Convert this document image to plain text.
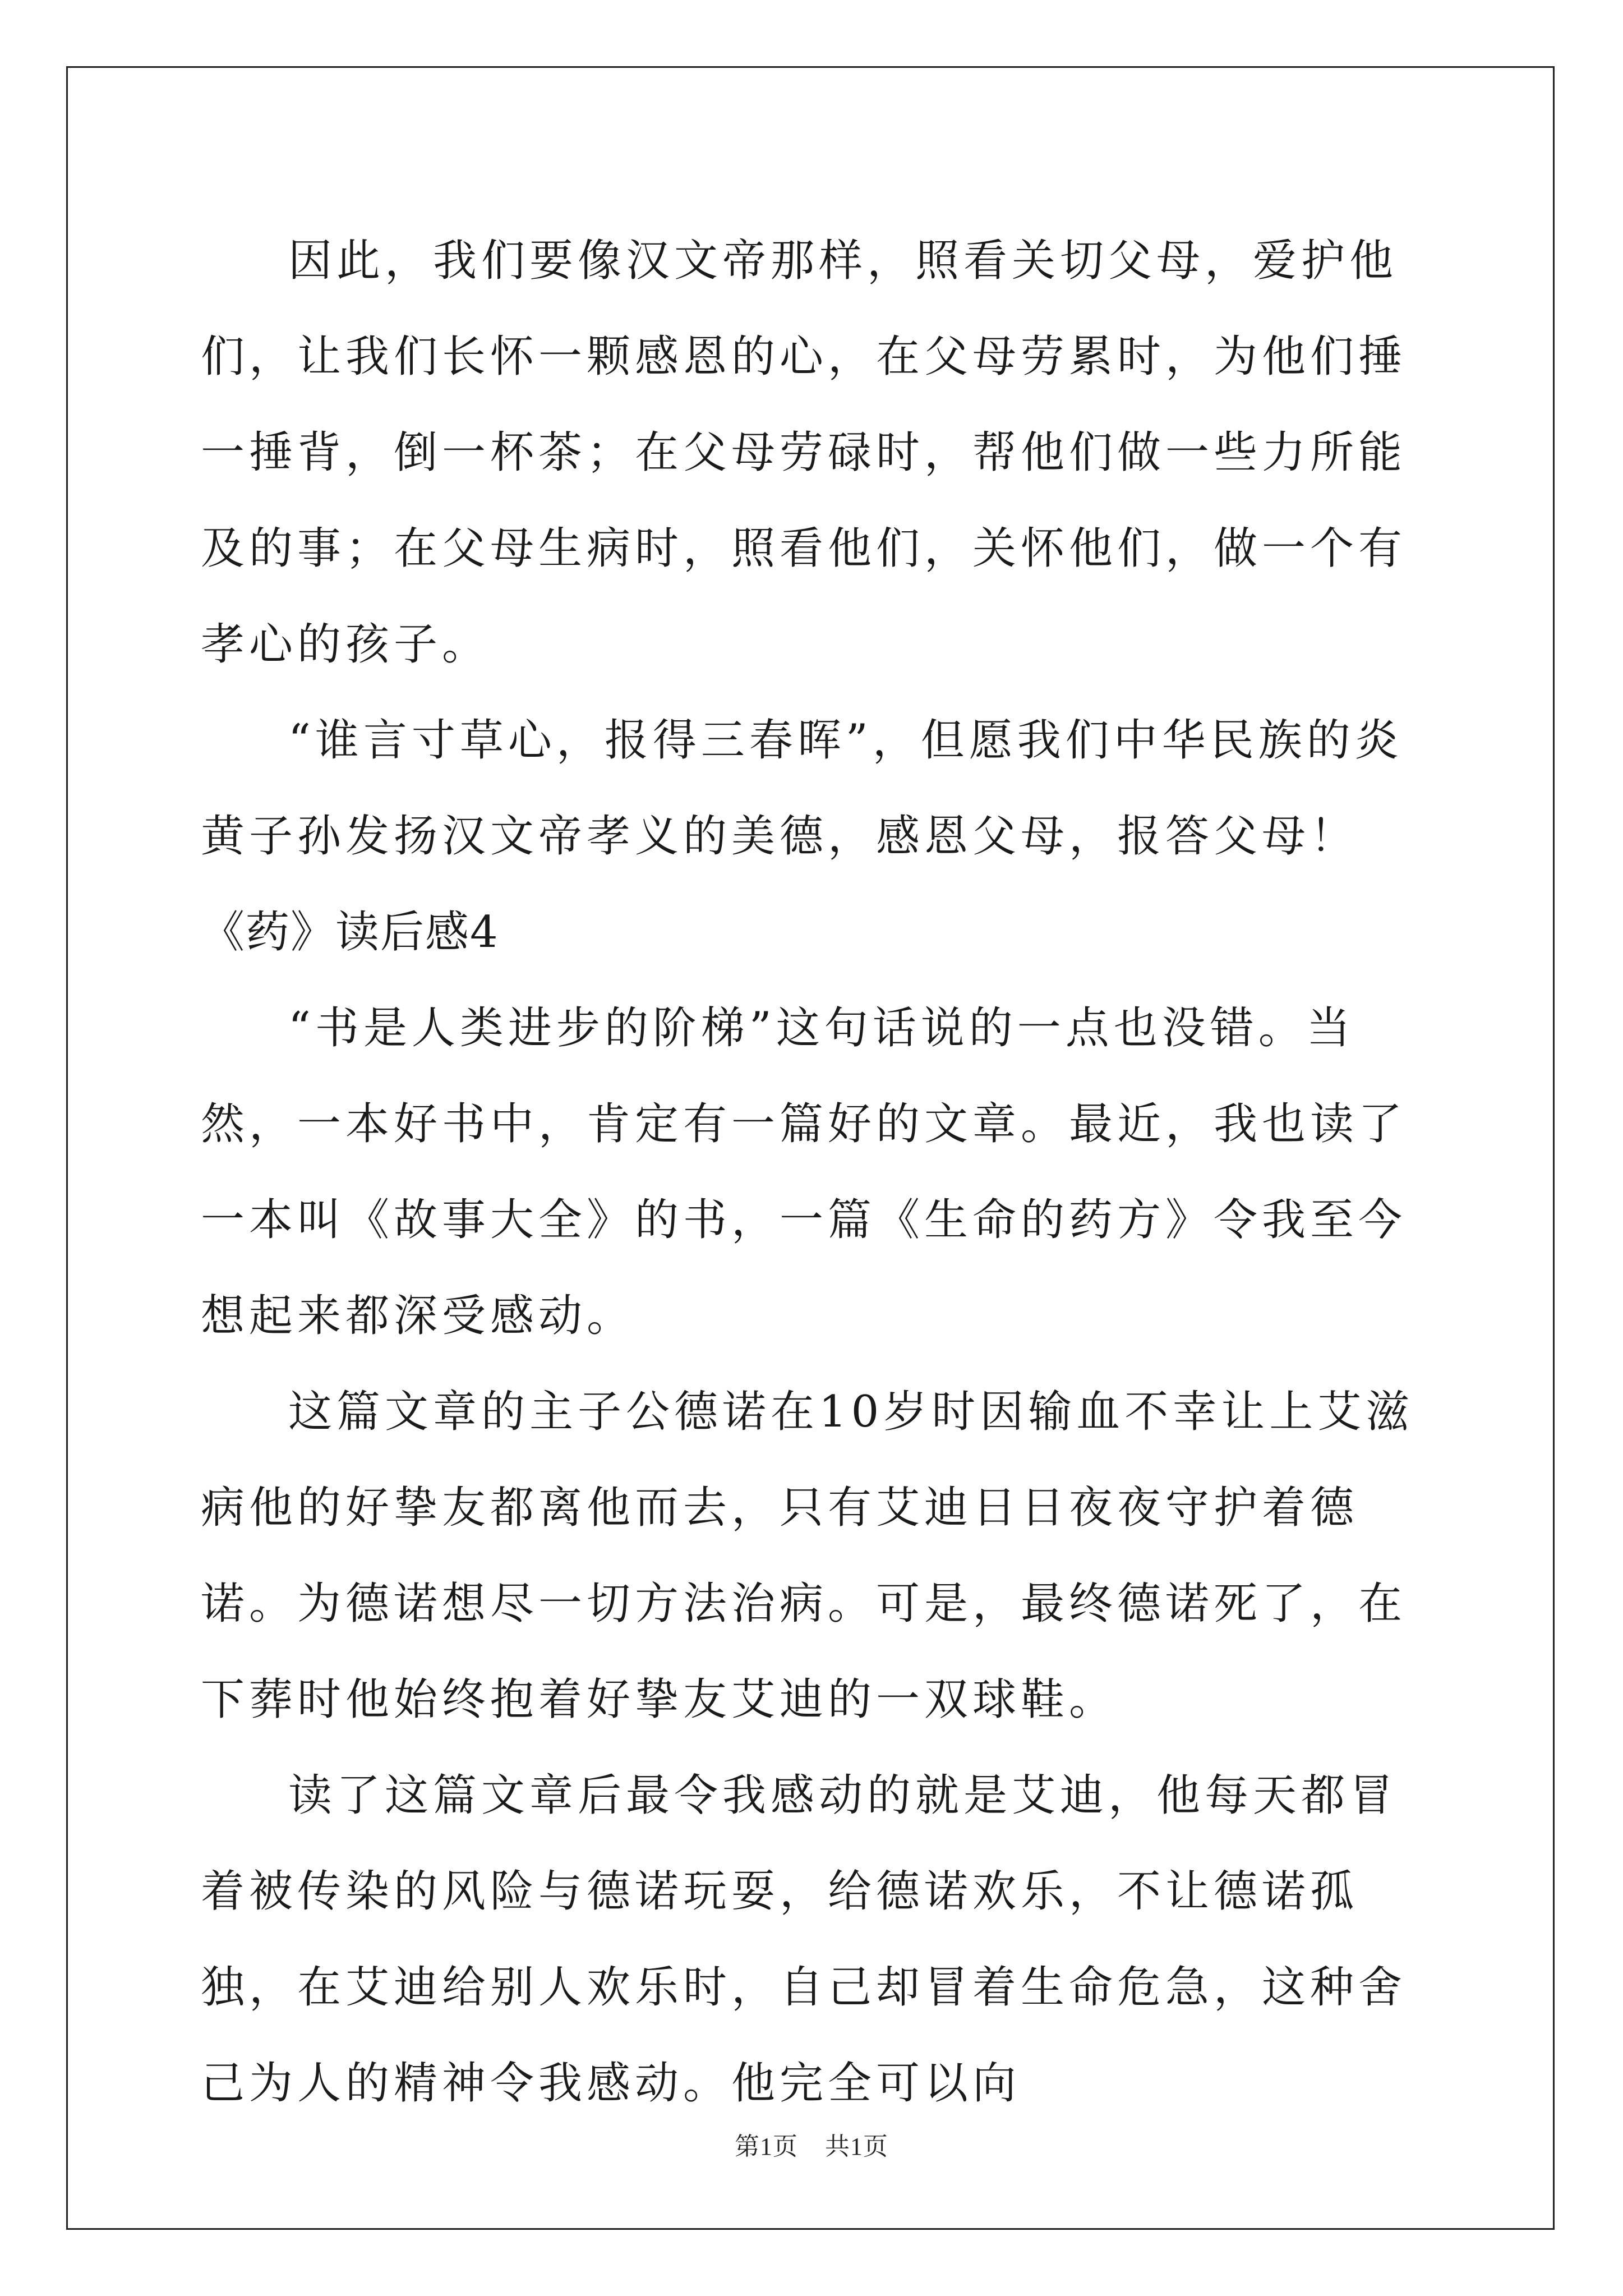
因此，我们要像汉文帝那样，照看关切父母，爱护他们，让我们长怀一颗感恩的心，在父母劳累时，为他们捶一捶背，倒一杯茶；在父母劳碌时，帮他们做一些力所能及的事；在父母生病时，照看他们，关怀他们，做一个有孝心的孩子。

“谁言寸草心，报得三春晖”，但愿我们中华民族的炎黄子孙发扬汉文帝孝义的美德，感恩父母，报答父母！

《药》读后感4

“书是人类进步的阶梯”这句话说的一点也没错。当然，一本好书中，肯定有一篇好的文章。最近，我也读了一本叫《故事大全》的书，一篇《生命的药方》令我至今想起来都深受感动。

这篇文章的主子公德诺在10岁时因输血不幸让上艾滋病他的好挚友都离他而去，只有艾迪日日夜夜守护着德诺。为德诺想尽一切方法治病。可是，最终德诺死了，在下葬时他始终抱着好挚友艾迪的一双球鞋。

读了这篇文章后最令我感动的就是艾迪，他每天都冒着被传染的风险与德诺玩耍，给德诺欢乐，不让德诺孤独，在艾迪给别人欢乐时，自己却冒着生命危急，这种舍己为人的精神令我感动。他完全可以向

第1页 共1页
